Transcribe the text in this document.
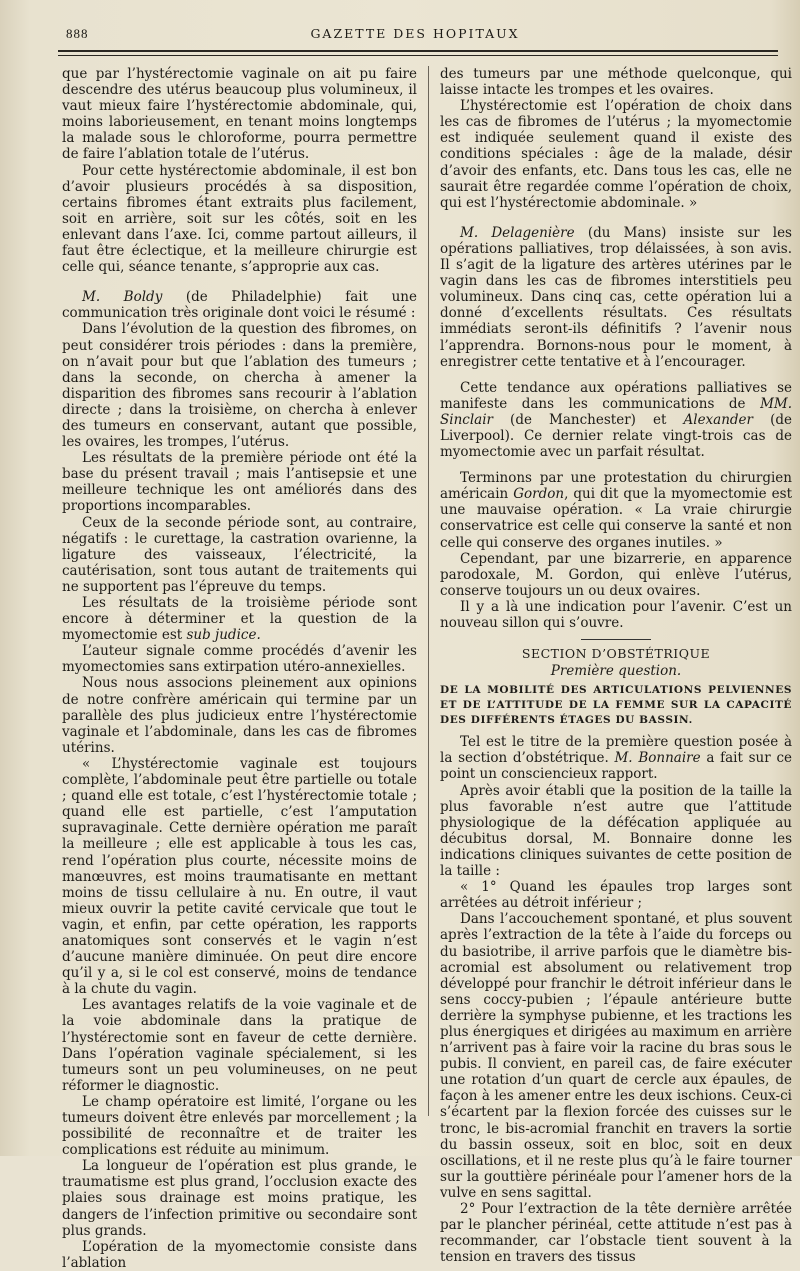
888	GAZETTE DES HOPITAUX

que par l’hystérectomie vaginale on ait pu faire descendre des utérus beaucoup plus volumineux, il vaut mieux faire l’hystérectomie abdominale, qui, moins laborieusement, en tenant moins longtemps la malade sous le chloroforme, pourra permettre de faire l’ablation totale de l’utérus.

Pour cette hystérectomie abdominale, il est bon d’avoir plusieurs procédés à sa disposition, certains fibromes étant extraits plus facilement, soit en arrière, soit sur les côtés, soit en les enlevant dans l’axe. Ici, comme partout ailleurs, il faut être éclectique, et la meilleure chirurgie est celle qui, séance tenante, s’approprie aux cas.

M. Boldy (de Philadelphie) fait une communication très originale dont voici le résumé :

Dans l’évolution de la question des fibromes, on peut considérer trois périodes : dans la première, on n’avait pour but que l’ablation des tumeurs ; dans la seconde, on chercha à amener la disparition des fibromes sans recourir à l’ablation directe ; dans la troisième, on chercha à enlever des tumeurs en conservant, autant que possible, les ovaires, les trompes, l’utérus.

Les résultats de la première période ont été la base du présent travail ; mais l’antisepsie et une meilleure technique les ont améliorés dans des proportions incomparables.

Ceux de la seconde période sont, au contraire, négatifs : le curettage, la castration ovarienne, la ligature des vaisseaux, l’électricité, la cautérisation, sont tous autant de traitements qui ne supportent pas l’épreuve du temps.

Les résultats de la troisième période sont encore à déterminer et la question de la myomectomie est sub judice.

L’auteur signale comme procédés d’avenir les myomectomies sans extirpation utéro-annexielles.

Nous nous associons pleinement aux opinions de notre confrère américain qui termine par un parallèle des plus judicieux entre l’hystérectomie vaginale et l’abdominale, dans les cas de fibromes utérins.

« L’hystérectomie vaginale est toujours complète, l’abdominale peut être partielle ou totale ; quand elle est totale, c’est l’hystérectomie totale ; quand elle est partielle, c’est l’amputation supravaginale. Cette dernière opération me paraît la meilleure ; elle est applicable à tous les cas, rend l’opération plus courte, nécessite moins de manœuvres, est moins traumatisante en mettant moins de tissu cellulaire à nu. En outre, il vaut mieux ouvrir la petite cavité cervicale que tout le vagin, et enfin, par cette opération, les rapports anatomiques sont conservés et le vagin n’est d’aucune manière diminuée. On peut dire encore qu’il y a, si le col est conservé, moins de tendance à la chute du vagin.

Les avantages relatifs de la voie vaginale et de la voie abdominale dans la pratique de l’hystérectomie sont en faveur de cette dernière. Dans l’opération vaginale spécialement, si les tumeurs sont un peu volumineuses, on ne peut réformer le diagnostic.

Le champ opératoire est limité, l’organe ou les tumeurs doivent être enlevés par morcellement ; la possibilité de reconnaître et de traiter les complications est réduite au minimum.

La longueur de l’opération est plus grande, le traumatisme est plus grand, l’occlusion exacte des plaies sous drainage est moins pratique, les dangers de l’infection primitive ou secondaire sont plus grands.

L’opération de la myomectomie consiste dans l’ablation

des tumeurs par une méthode quelconque, qui laisse intacte les trompes et les ovaires.

L’hystérectomie est l’opération de choix dans les cas de fibromes de l’utérus ; la myomectomie est indiquée seulement quand il existe des conditions spéciales : âge de la malade, désir d’avoir des enfants, etc. Dans tous les cas, elle ne saurait être regardée comme l’opération de choix, qui est l’hystérectomie abdominale. »

M. Delagenière (du Mans) insiste sur les opérations palliatives, trop délaissées, à son avis. Il s’agit de la ligature des artères utérines par le vagin dans les cas de fibromes interstitiels peu volumineux. Dans cinq cas, cette opération lui a donné d’excellents résultats. Ces résultats immédiats seront-ils définitifs ? l’avenir nous l’apprendra. Bornons-nous pour le moment, à enregistrer cette tentative et à l’encourager.

Cette tendance aux opérations palliatives se manifeste dans les communications de MM. Sinclair (de Manchester) et Alexander (de Liverpool). Ce dernier relate vingt-trois cas de myomectomie avec un parfait résultat.

Terminons par une protestation du chirurgien américain Gordon, qui dit que la myomectomie est une mauvaise opération. « La vraie chirurgie conservatrice est celle qui conserve la santé et non celle qui conserve des organes inutiles. »

Cependant, par une bizarrerie, en apparence parodoxale, M. Gordon, qui enlève l’utérus, conserve toujours un ou deux ovaires.

Il y a là une indication pour l’avenir. C’est un nouveau sillon qui s’ouvre.

SECTION D’OBSTÉTRIQUE
Première question.
DE LA MOBILITÉ DES ARTICULATIONS PELVIENNES ET DE L’ATTITUDE DE LA FEMME SUR LA CAPACITÉ DES DIFFÉRENTS ÉTAGES DU BASSIN.

Tel est le titre de la première question posée à la section d’obstétrique. M. Bonnaire a fait sur ce point un consciencieux rapport.

Après avoir établi que la position de la taille la plus favorable n’est autre que l’attitude physiologique de la défécation appliquée au décubitus dorsal, M. Bonnaire donne les indications cliniques suivantes de cette position de la taille :

« 1° Quand les épaules trop larges sont arrêtées au détroit inférieur ;

Dans l’accouchement spontané, et plus souvent après l’extraction de la tête à l’aide du forceps ou du basiotribe, il arrive parfois que le diamètre bis-acromial est absolument ou relativement trop développé pour franchir le détroit inférieur dans le sens coccy-pubien ; l’épaule antérieure butte derrière la symphyse pubienne, et les tractions les plus énergiques et dirigées au maximum en arrière n’arrivent pas à faire voir la racine du bras sous le pubis. Il convient, en pareil cas, de faire exécuter une rotation d’un quart de cercle aux épaules, de façon à les amener entre les deux ischions. Ceux-ci s’écartent par la flexion forcée des cuisses sur le tronc, le bis-acromial franchit en travers la sortie du bassin osseux, soit en bloc, soit en deux oscillations, et il ne reste plus qu’à le faire tourner sur la gouttière périnéale pour l’amener hors de la vulve en sens sagittal.

2° Pour l’extraction de la tête dernière arrêtée par le plancher périnéal, cette attitude n’est pas à recommander, car l’obstacle tient souvent à la tension en travers des tissus
